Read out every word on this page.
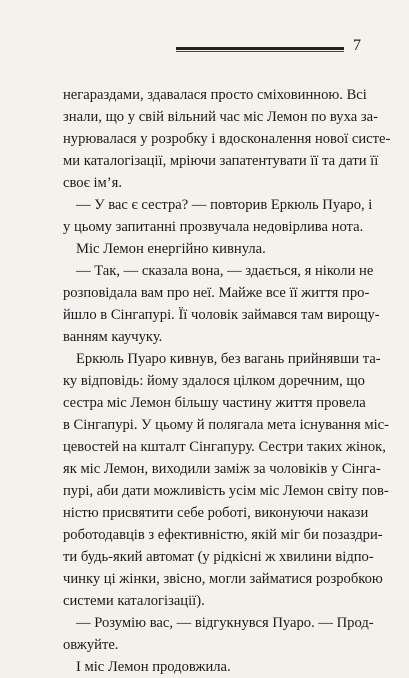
7
негараздами, здавалася просто сміховинною. Всі
знали, що у свій вільний час міс Лемон по вуха за-
нурювалася у розробку і вдосконалення нової систе-
ми каталогізації, мріючи запатентувати її та дати її
своє ім’я.
— У вас є сестра? — повторив Еркюль Пуаро, і
у цьому запитанні прозвучала недовірлива нота.
Міс Лемон енергійно кивнула.
— Так, — сказала вона, — здається, я ніколи не
розповідала вам про неї. Майже все її життя про-
йшло в Сінгапурі. Її чоловік займався там вирощу-
ванням каучуку.
Еркюль Пуаро кивнув, без вагань прийнявши та-
ку відповідь: йому здалося цілком доречним, що
сестра міс Лемон більшу частину життя провела
в Сінгапурі. У цьому й полягала мета існування міс-
цевостей на кшталт Сінгапуру. Сестри таких жінок,
як міс Лемон, виходили заміж за чоловіків у Сінга-
пурі, аби дати можливість усім міс Лемон світу пов-
ністю присвятити себе роботі, виконуючи накази
роботодавців з ефективністю, якій міг би позаздри-
ти будь-який автомат (у рідкісні ж хвилини відпо-
чинку ці жінки, звісно, могли займатися розробкою
системи каталогізації).
— Розумію вас, — відгукнувся Пуаро. — Прод-
овжуйте.
І міс Лемон продовжила.
